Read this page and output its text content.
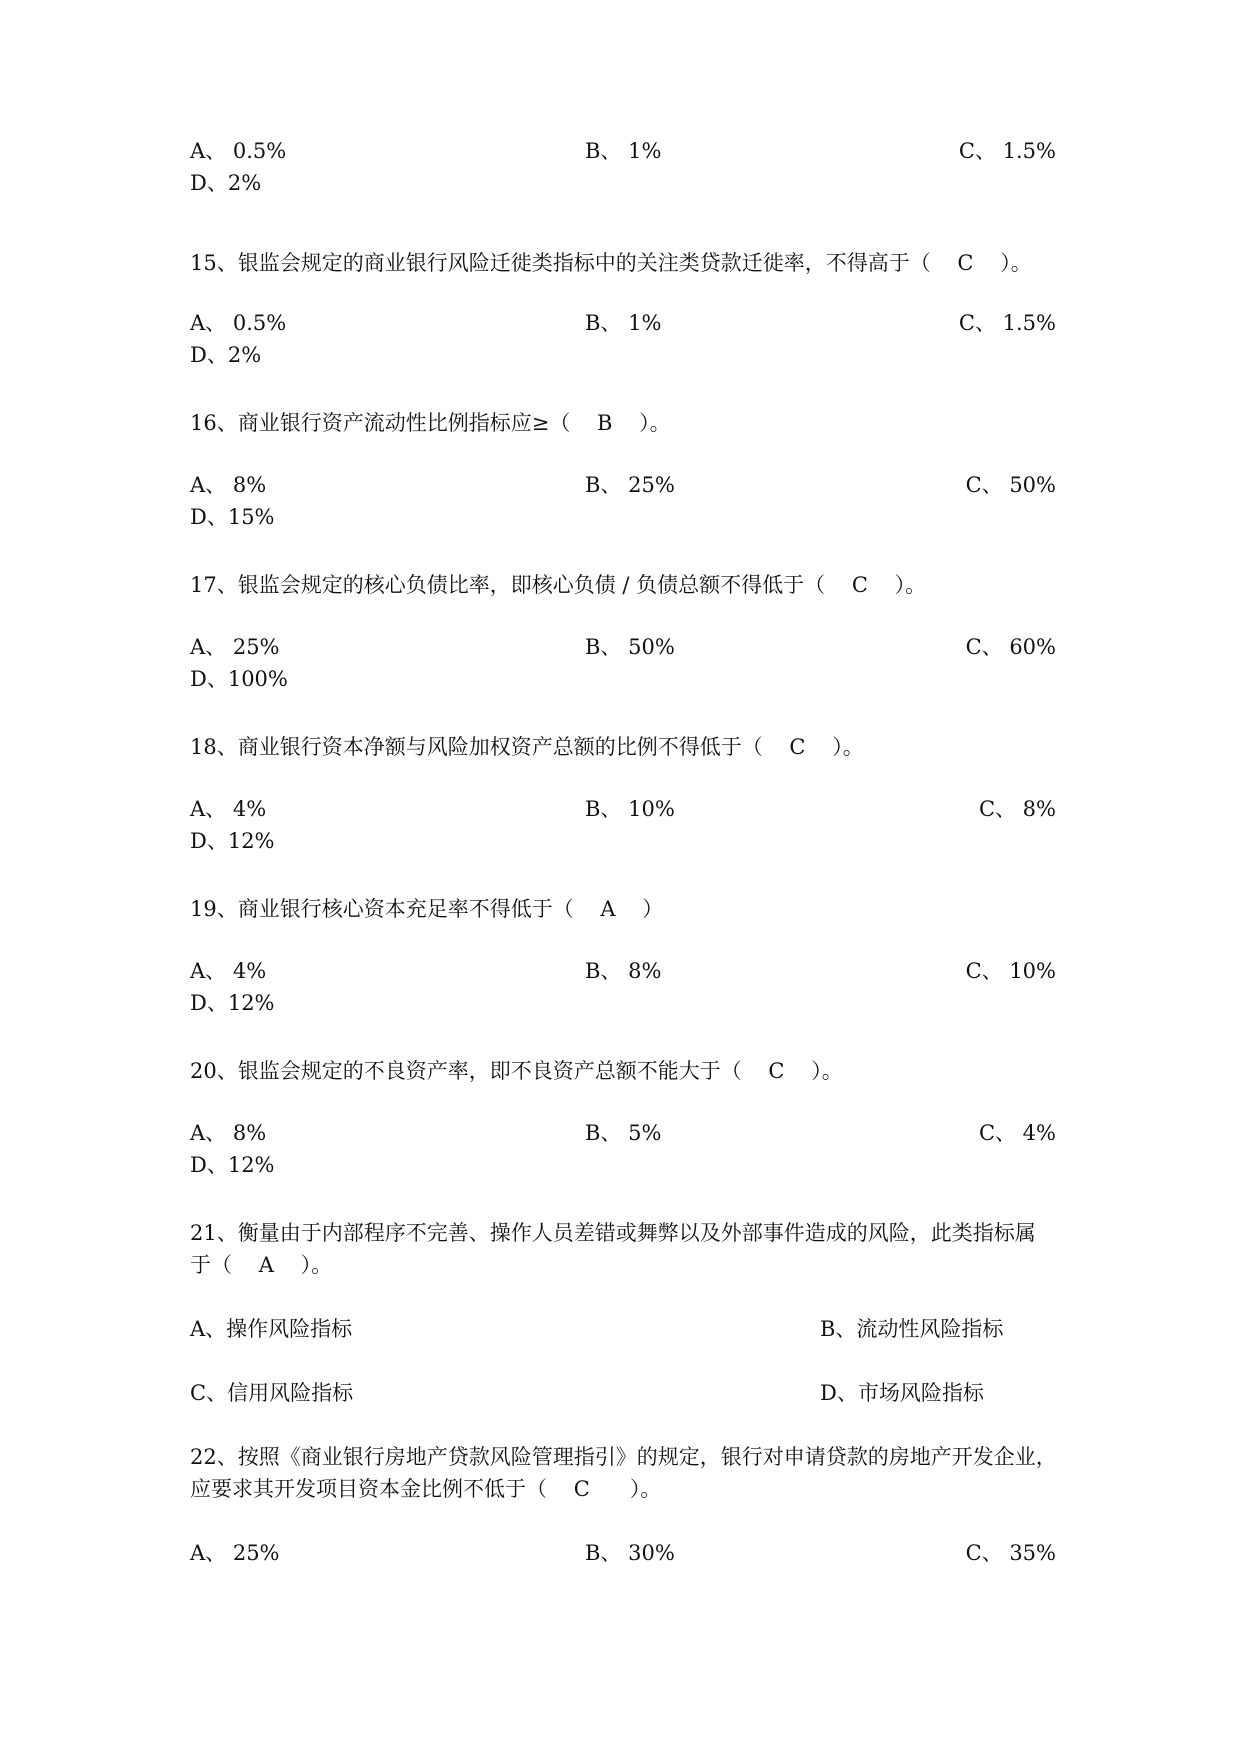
A、 0.5%	B、 1%	C、 1.5%
D、2%
15、银监会规定的商业银行风险迁徙类指标中的关注类贷款迁徙率，不得高于（    C    ）。
A、 0.5%	B、 1%	C、 1.5%
D、2%
16、商业银行资产流动性比例指标应≥（    B    ）。
A、 8%	B、 25%	C、 50%
D、15%
17、银监会规定的核心负债比率，即核心负债 / 负债总额不得低于（    C    ）。
A、 25%	B、 50%	C、 60%
D、100%
18、商业银行资本净额与风险加权资产总额的比例不得低于（    C    ）。
A、 4%	B、 10%	C、 8%
D、12%
19、商业银行核心资本充足率不得低于（    A    ）
A、 4%	B、 8%	C、 10%
D、12%
20、银监会规定的不良资产率，即不良资产总额不能大于（    C    ）。
A、 8%	B、 5%	C、 4%
D、12%
21、衡量由于内部程序不完善、操作人员差错或舞弊以及外部事件造成的风险，此类指标属
于（    A    ）。
A、操作风险指标	B、流动性风险指标
C、信用风险指标	D、市场风险指标
22、按照《商业银行房地产贷款风险管理指引》的规定，银行对申请贷款的房地产开发企业，
应要求其开发项目资本金比例不低于（    C      ）。
A、 25%	B、 30%	C、 35%
